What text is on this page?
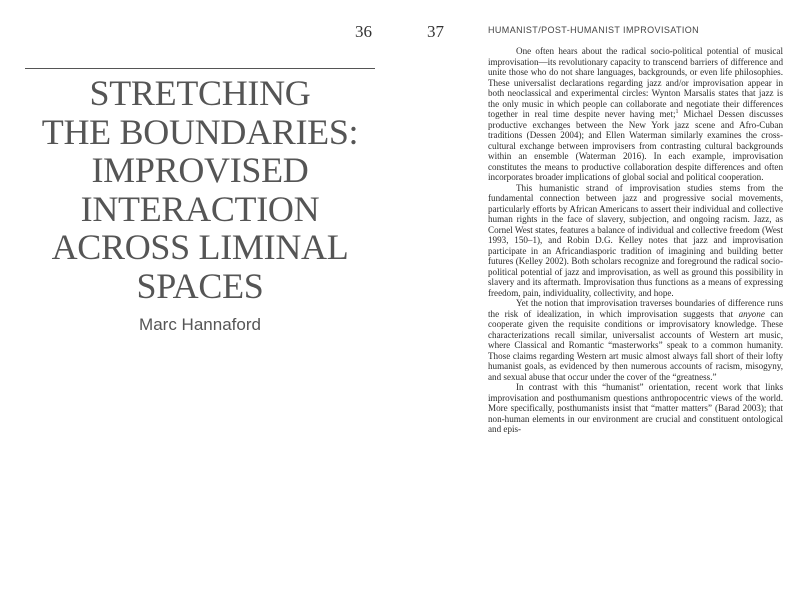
36
STRETCHING
THE BOUNDARIES:
IMPROVISED
INTERACTION
ACROSS LIMINAL
SPACES
Marc Hannaford
37	HUMANIST/POST-HUMANIST IMPROVISATION

One often hears about the radical socio-political potential of musical improvisation—its revolutionary capacity to transcend barriers of difference and unite those who do not share languages, backgrounds, or even life philosophies. These universalist declarations regarding jazz and/or improvisation appear in both neoclassical and experimental circles: Wynton Marsalis states that jazz is the only music in which people can collaborate and negotiate their differences together in real time despite never having met;$^1$ Michael Dessen discusses productive exchanges between the New York jazz scene and Afro-Cuban traditions (Dessen 2004); and Ellen Waterman similarly examines the cross-cultural exchange between improvisers from contrasting cultural backgrounds within an ensemble (Waterman 2016). In each example, improvisation constitutes the means to productive collaboration despite differences and often incorporates broader implications of global social and political cooperation.

This humanistic strand of improvisation studies stems from the fundamental connection between jazz and progressive social movements, particularly efforts by African Americans to assert their individual and collective human rights in the face of slavery, subjection, and ongoing racism. Jazz, as Cornel West states, features a balance of individual and collective freedom (West 1993, 150–1), and Robin D.G. Kelley notes that jazz and improvisation participate in an Africandiasporic tradition of imagining and building better futures (Kelley 2002). Both scholars recognize and foreground the radical socio-political potential of jazz and improvisation, as well as ground this possibility in slavery and its aftermath. Improvisation thus functions as a means of expressing freedom, pain, individuality, collectivity, and hope.

Yet the notion that improvisation traverses boundaries of difference runs the risk of idealization, in which improvisation suggests that anyone can cooperate given the requisite conditions or improvisatory knowledge. These characterizations recall similar, universalist accounts of Western art music, where Classical and Romantic “masterworks” speak to a common humanity. Those claims regarding Western art music almost always fall short of their lofty humanist goals, as evidenced by then numerous accounts of racism, misogyny, and sexual abuse that occur under the cover of the “greatness.”

In contrast with this “humanist” orientation, recent work that links improvisation and posthumanism questions anthropocentric views of the world. More specifically, posthumanists insist that “matter matters” (Barad 2003); that non-human elements in our environment are crucial and constituent ontological and epis-
